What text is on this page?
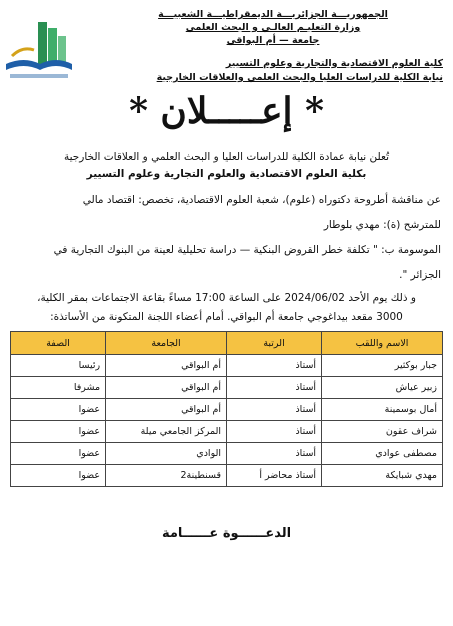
الجمهوريـــة الجزائريـــة الديمقراطيـــة الشعبيـــة
وزارة التعليـم العالـي و البحث العلمي
جامعة — أم البواقي
كلية العلوم الاقتصادية والتجارية وعلوم التسيير
نيابة الكلية للدراسات العليا والبحث العلمي والعلاقات الخارجية
* إعـــــلان *
تُعلن نيابة عمادة الكلية للدراسات العليا و البحث العلمي و العلاقات الخارجية
بكلية العلوم الاقتصادية والعلوم التجارية وعلوم التسيير
عن مناقشة أطروحة دكتوراه (علوم)، شعبة العلوم الاقتصادية، تخصص: اقتصاد مالي
للمترشح (ة): مهدي بلوطار
الموسومة ب: " تكلفة خطر القروض البنكية — دراسة تحليلية لعينة من البنوك التجارية في
الجزائر ".
و ذلك يوم الأحد 2024/06/02 على الساعة 17:00 مساءً بقاعة الاجتماعات بمقر الكلية،
3000 مقعد بيداغوجي جامعة أم البواقي. أمام أعضاء اللجنة المتكونة من الأساتذة:
الاسم واللقب	الرتبة	الجامعة	الصفة
جبار بوكثير	أستاذ	أم البواقي	رئيسا
زبير عياش	أستاذ	أم البواقي	مشرفا
أمال بوسمينة	أستاذ	أم البواقي	عضوا
شراف عقون	أستاذ	المركز الجامعي ميلة	عضوا
مصطفى عوادي	أستاذ	الوادي	عضوا
مهدي شبايكة	أستاذ محاضر أ	قسنطينة2	عضوا
الدعــــــوة عــــــامة
